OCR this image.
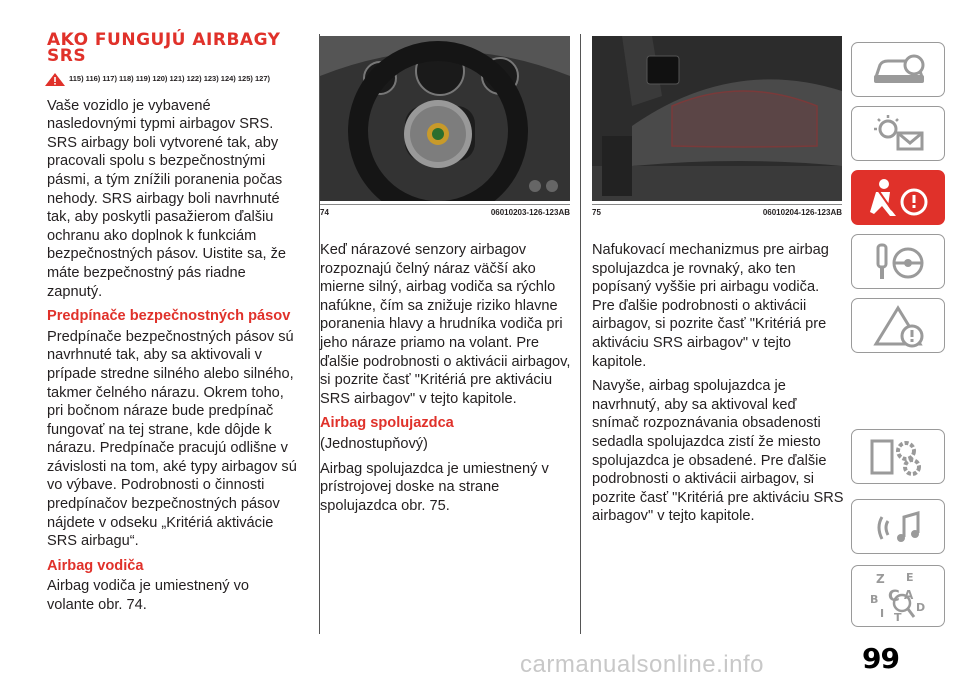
AKO FUNGUJÚ AIRBAGY
SRS
115) 116) 117) 118) 119) 120) 121) 122) 123) 124) 125) 127)

Vaše vozidlo je vybavené nasledovnými typmi airbagov SRS. SRS airbagy boli vytvorené tak, aby pracovali spolu s bezpečnostnými pásmi, a tým znížili poranenia počas nehody. SRS airbagy boli navrhnuté tak, aby poskytli pasažierom ďalšiu ochranu ako doplnok k funkciám bezpečnostných pásov. Uistite sa, že máte bezpečnostný pás riadne zapnutý.

Predpínače bezpečnostných pásov

Predpínače bezpečnostných pásov sú navrhnuté tak, aby sa aktivovali v prípade stredne silného alebo silného, takmer čelného nárazu. Okrem toho, pri bočnom náraze bude predpínač fungovať na tej strane, kde dôjde k nárazu. Predpínače pracujú odlišne v závislosti na tom, aké typy airbagov sú vo výbave. Podrobnosti o činnosti predpínačov bezpečnostných pásov nájdete v odseku „Kritériá aktivácie SRS airbagu“.

Airbag vodiča

Airbag vodiča je umiestnený vo volante obr. 74.

74	06010203-126-123AB

Keď nárazové senzory airbagov rozpoznajú čelný náraz väčší ako mierne silný, airbag vodiča sa rýchlo nafúkne, čím sa znižuje riziko hlavne poranenia hlavy a hrudníka vodiča pri jeho náraze priamo na volant. Pre ďalšie podrobnosti o aktivácii airbagov, si pozrite časť "Kritériá pre aktiváciu SRS airbagov" v tejto kapitole.

Airbag spolujazdca

(Jednostupňový)

Airbag spolujazdca je umiestnený v prístrojovej doske na strane spolujazdca obr. 75.

75	06010204-126-123AB

Nafukovací mechanizmus pre airbag spolujazdca je rovnaký, ako ten popísaný vyššie pri airbagu vodiča. Pre ďalšie podrobnosti o aktivácii airbagov, si pozrite časť "Kritériá pre aktiváciu SRS airbagov" v tejto kapitole.

Navyše, airbag spolujazdca je navrhnutý, aby sa aktivoval keď snímač rozpoznávania obsadenosti sedadla spolujazdca zistí že miesto spolujazdca je obsadené. Pre ďalšie podrobnosti o aktivácii airbagov, si pozrite časť "Kritériá pre aktiváciu SRS airbagov" v tejto kapitole.

Z E
B C A
D
I T
99
carmanualsonline.info
